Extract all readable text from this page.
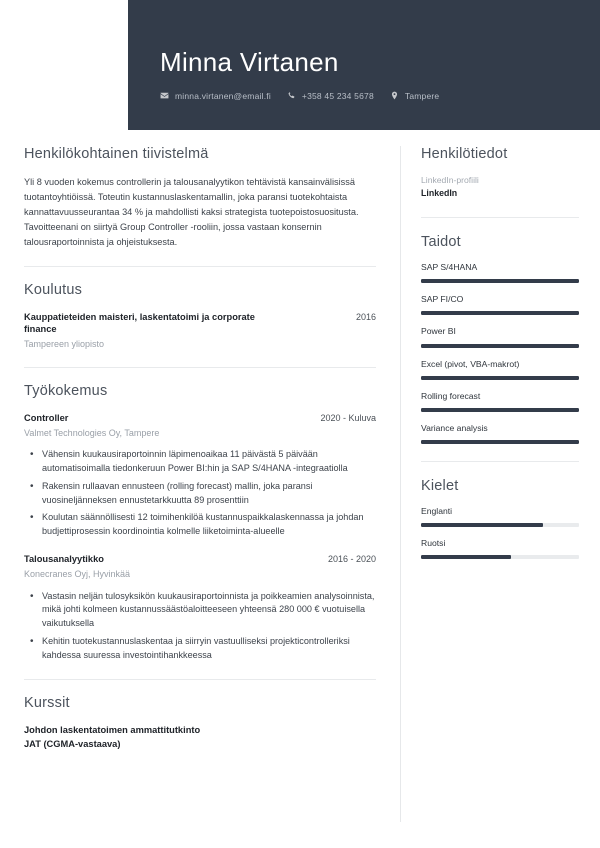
Minna Virtanen
minna.virtanen@email.fi	+358 45 234 5678	Tampere
Henkilökohtainen tiivistelmä
Yli 8 vuoden kokemus controllerin ja talousanalyytikon tehtävistä kansainvälisissä tuotantoyhtiöissä. Toteutin kustannuslaskentamallin, joka paransi tuotekohtaista kannattavuusseurantaa 34 % ja mahdollisti kaksi strategista tuotepoistosuositusta. Tavoitteenani on siirtyä Group Controller -rooliin, jossa vastaan konsernin talousraportoinnista ja ohjeistuksesta.
Koulutus
Kauppatieteiden maisteri, laskentatoimi ja corporate finance
2016
Tampereen yliopisto
Työkokemus
Controller	2020 - Kuluva
Valmet Technologies Oy, Tampere
• Vähensin kuukausiraportoinnin läpimenoaikaa 11 päivästä 5 päivään automatisoimalla tiedonkeruun Power BI:hin ja SAP S/4HANA -integraatiolla
• Rakensin rullaavan ennusteen (rolling forecast) mallin, joka paransi vuosineljänneksen ennustetarkkuutta 89 prosenttiin
• Koulutan säännöllisesti 12 toimihenkilöä kustannuspaikkalaskennassa ja johdan budjettiprosessin koordinointia kolmelle liiketoiminta-alueelle
Talousanalyytikko	2016 - 2020
Konecranes Oyj, Hyvinkää
• Vastasin neljän tulosyksikön kuukausiraportoinnista ja poikkeamien analysoinnista, mikä johti kolmeen kustannussäästöaloitteeseen yhteensä 280 000 € vuotuisella vaikutuksella
• Kehitin tuotekustannuslaskentaa ja siirryin vastuulliseksi projekticontrolleriksi kahdessa suuressa investointihankkeessa
Kurssit
Johdon laskentatoimen ammattitutkinto
JAT (CGMA-vastaava)
Henkilötiedot
LinkedIn-profiili
LinkedIn
Taidot
SAP S/4HANA
SAP FI/CO
Power BI
Excel (pivot, VBA-makrot)
Rolling forecast
Variance analysis
Kielet
Englanti
Ruotsi
